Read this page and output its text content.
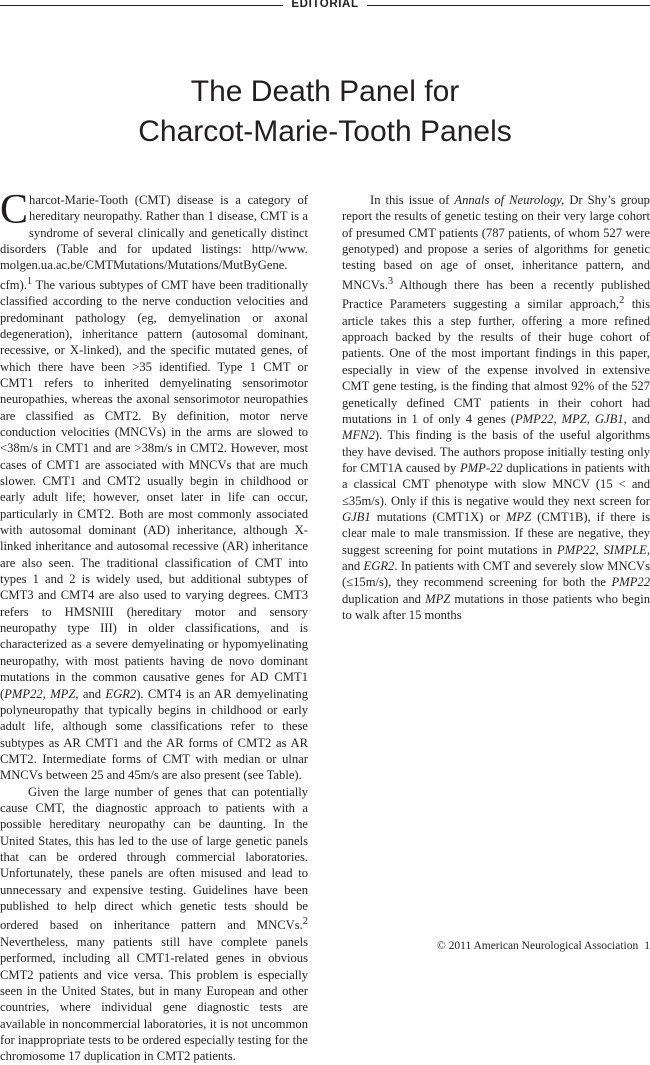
EDITORIAL
The Death Panel for
Charcot-Marie-Tooth Panels

Charcot-Marie-Tooth (CMT) disease is a category of hereditary neuropathy. Rather than 1 disease, CMT is a syndrome of several clinically and genetically distinct disorders (Table and for updated listings: http//www.​molgen.ua.ac.be/CMTMutations/Mutations/MutByGene.​cfm).$^1$ The various subtypes of CMT have been traditionally classified according to the nerve conduction velocities and predominant pathology (eg, demyelination or axonal degeneration), inheritance pattern (autosomal dominant, recessive, or X-linked), and the specific mutated genes, of which there have been >35 identified. Type 1 CMT or CMT1 refers to inherited demyelinating sensorimotor neuropathies, whereas the axonal sensorimotor neuropathies are classified as CMT2. By definition, motor nerve conduction velocities (MNCVs) in the arms are slowed to <38m/s in CMT1 and are >38m/s in CMT2. However, most cases of CMT1 are associated with MNCVs that are much slower. CMT1 and CMT2 usually begin in childhood or early adult life; however, onset later in life can occur, particularly in CMT2. Both are most commonly associated with autosomal dominant (AD) inheritance, although X-linked inheritance and autosomal recessive (AR) inheritance are also seen. The traditional classification of CMT into types 1 and 2 is widely used, but additional subtypes of CMT3 and CMT4 are also used to varying degrees. CMT3 refers to HMSNIII (hereditary motor and sensory neuropathy type III) in older classifications, and is characterized as a severe demyelinating or hypomyelinating neuropathy, with most patients having de novo dominant mutations in the common causative genes for AD CMT1 (PMP22, MPZ, and EGR2). CMT4 is an AR demyelinating polyneuropathy that typically begins in childhood or early adult life, although some classifications refer to these subtypes as AR CMT1 and the AR forms of CMT2 as AR CMT2. Intermediate forms of CMT with median or ulnar MNCVs between 25 and 45m/s are also present (see Table).

Given the large number of genes that can potentially cause CMT, the diagnostic approach to patients with a possible hereditary neuropathy can be daunting. In the United States, this has led to the use of large genetic panels that can be ordered through commercial laboratories. Unfortunately, these panels are often misused and lead to unnecessary and expensive testing. Guidelines have been published to help direct which genetic tests should be ordered based on inheritance pattern and MNCVs.$^2$ Nevertheless, many patients still have complete panels performed, including all CMT1-related genes in obvious CMT2 patients and vice versa. This problem is especially seen in the United States, but in many European and other countries, where individual gene diagnostic tests are available in noncommercial laboratories, it is not uncommon for inappropriate tests to be ordered especially testing for the chromosome 17 duplication in CMT2 patients.

In this issue of Annals of Neurology, Dr Shy’s group report the results of genetic testing on their very large cohort of presumed CMT patients (787 patients, of whom 527 were genotyped) and propose a series of algorithms for genetic testing based on age of onset, inheritance pattern, and MNCVs.$^3$ Although there has been a recently published Practice Parameters suggesting a similar approach,$^2$ this article takes this a step further, offering a more refined approach backed by the results of their huge cohort of patients. One of the most important findings in this paper, especially in view of the expense involved in extensive CMT gene testing, is the finding that almost 92% of the 527 genetically defined CMT patients in their cohort had mutations in 1 of only 4 genes (PMP22, MPZ, GJB1, and MFN2). This finding is the basis of the useful algorithms they have devised. The authors propose initially testing only for CMT1A caused by PMP-22 duplications in patients with a classical CMT phenotype with slow MNCV (15 < and ≤35m/s). Only if this is negative would they next screen for GJB1 mutations (CMT1X) or MPZ (CMT1B), if there is clear male to male transmission. If these are negative, they suggest screening for point mutations in PMP22, SIMPLE, and EGR2. In patients with CMT and severely slow MNCVs (≤15m/s), they recommend screening for both the PMP22 duplication and MPZ mutations in those patients who begin to walk after 15 months

© 2011 American Neurological Association 1
